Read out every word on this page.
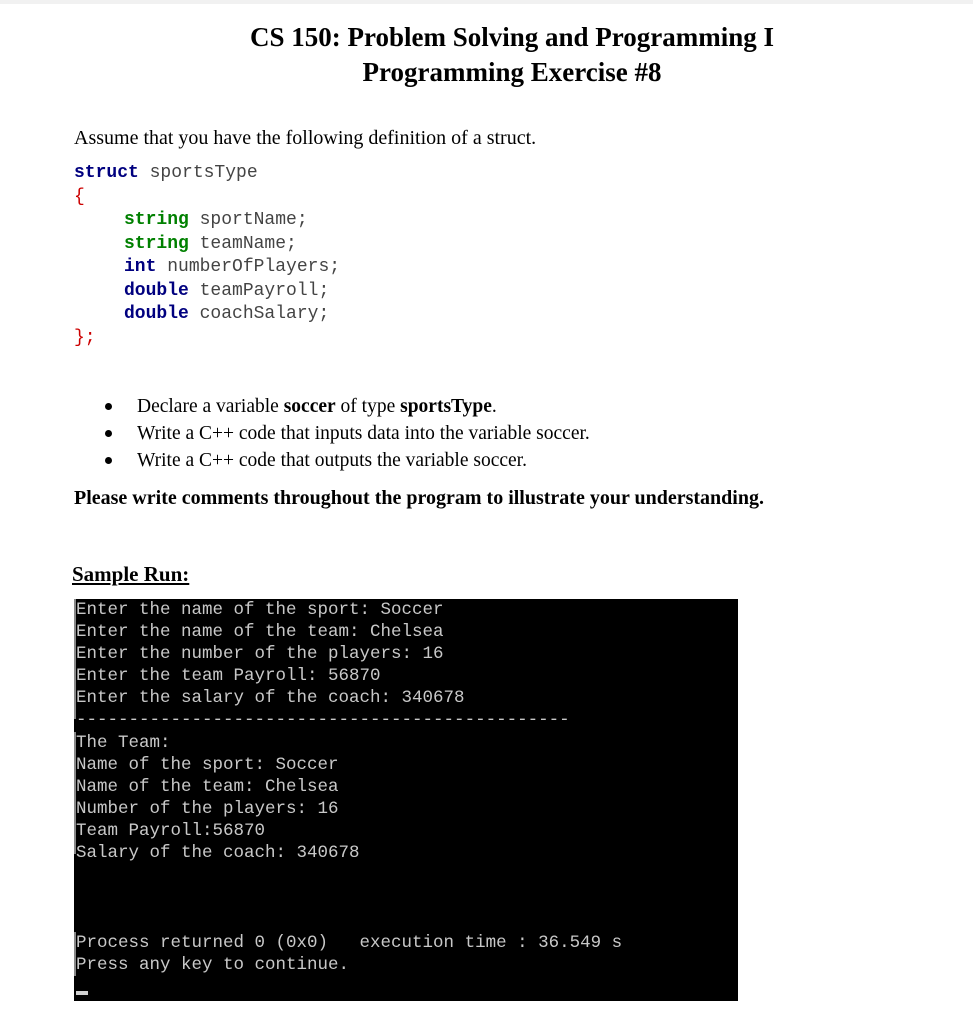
CS 150: Problem Solving and Programming I
Programming Exercise #8
Assume that you have the following definition of a struct.
struct sportsType
{
string sportName;
string teamName;
int numberOfPlayers;
double teamPayroll;
double coachSalary;
};
Declare a variable soccer of type sportsType.
Write a C++ code that inputs data into the variable soccer.
Write a C++ code that outputs the variable soccer.
Please write comments throughout the program to illustrate your understanding.
Sample Run:
Enter the name of the sport: Soccer
Enter the name of the team: Chelsea
Enter the number of the players: 16
Enter the team Payroll: 56870
Enter the salary of the coach: 340678
-----------------------------------------------
The Team:
Name of the sport: Soccer
Name of the team: Chelsea
Number of the players: 16
Team Payroll:56870
Salary of the coach: 340678
Process returned 0 (0x0)   execution time : 36.549 s
Press any key to continue.
